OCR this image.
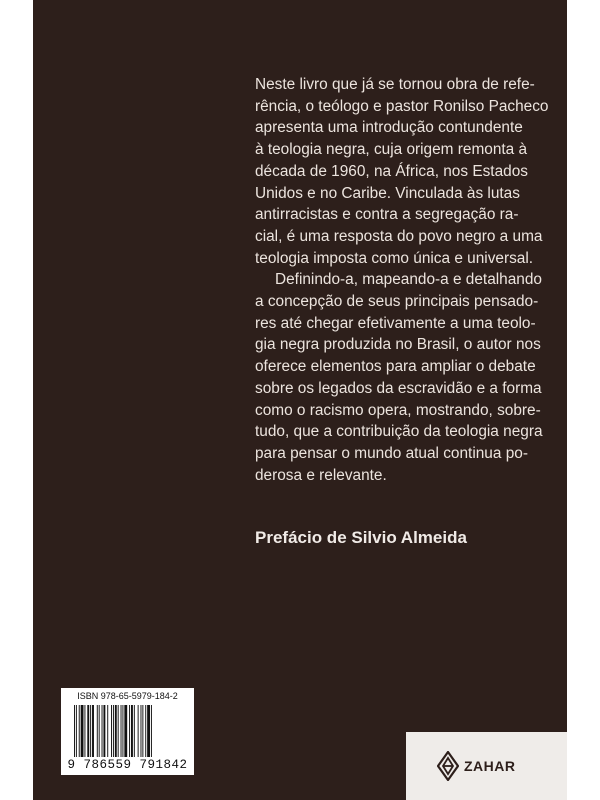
Neste livro que já se tornou obra de refe-
rência, o teólogo e pastor Ronilso Pacheco
apresenta uma introdução contundente
à teologia negra, cuja origem remonta à
década de 1960, na África, nos Estados
Unidos e no Caribe. Vinculada às lutas
antirracistas e contra a segregação ra-
cial, é uma resposta do povo negro a uma
teologia imposta como única e universal.
Definindo-a, mapeando-a e detalhando
a concepção de seus principais pensado-
res até chegar efetivamente a uma teolo-
gia negra produzida no Brasil, o autor nos
oferece elementos para ampliar o debate
sobre os legados da escravidão e a forma
como o racismo opera, mostrando, sobre-
tudo, que a contribuição da teologia negra
para pensar o mundo atual continua po-
derosa e relevante.
Prefácio de Silvio Almeida
ISBN 978-65-5979-184-2
9 786559 791842	ZAHAR
